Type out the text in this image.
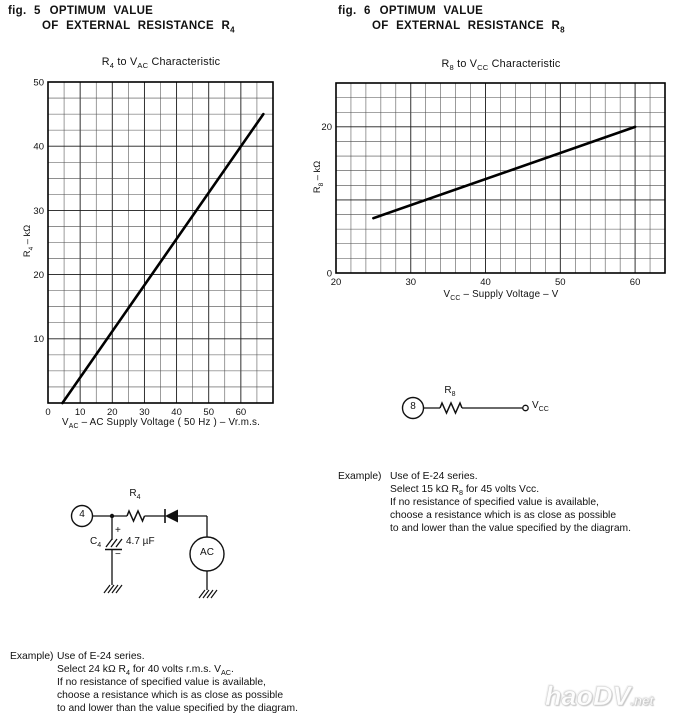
fig. 5 OPTIMUM VALUE
OF EXTERNAL RESISTANCE $R_4$
fig. 6 OPTIMUM VALUE
OF EXTERNAL RESISTANCE $R_8$
$R_4$ to $V_{AC}$ Characteristic
$R_4$ – kΩ
0	10 20 30 40 50 60
10
20
30
40
50
$V_{AC}$ – AC Supply Voltage ( 50 Hz ) – Vr.m.s.
$R_8$ to $V_{CC}$ Characteristic
$R_8$ – kΩ
20	30	40	50	60
0
20
$V_{CC}$ – Supply Voltage – V
8
$R_8$
$V_{CC}$
Example) Use of E-24 series.
Select 15 kΩ $R_8$ for 45 volts Vcc.
If no resistance of specified value is available,
choose a resistance which is as close as possible
to and lower than the value specified by the diagram.
4
$R_4$
$C_4$
+
4.7 µF
−	AC
Example) Use of E-24 series.
Select 24 kΩ $R_4$ for 40 volts r.m.s. $V_{AC}$.
If no resistance of specified value is available,
choose a resistance which is as close as possible
to and lower than the value specified by the diagram.	haoDV.net
